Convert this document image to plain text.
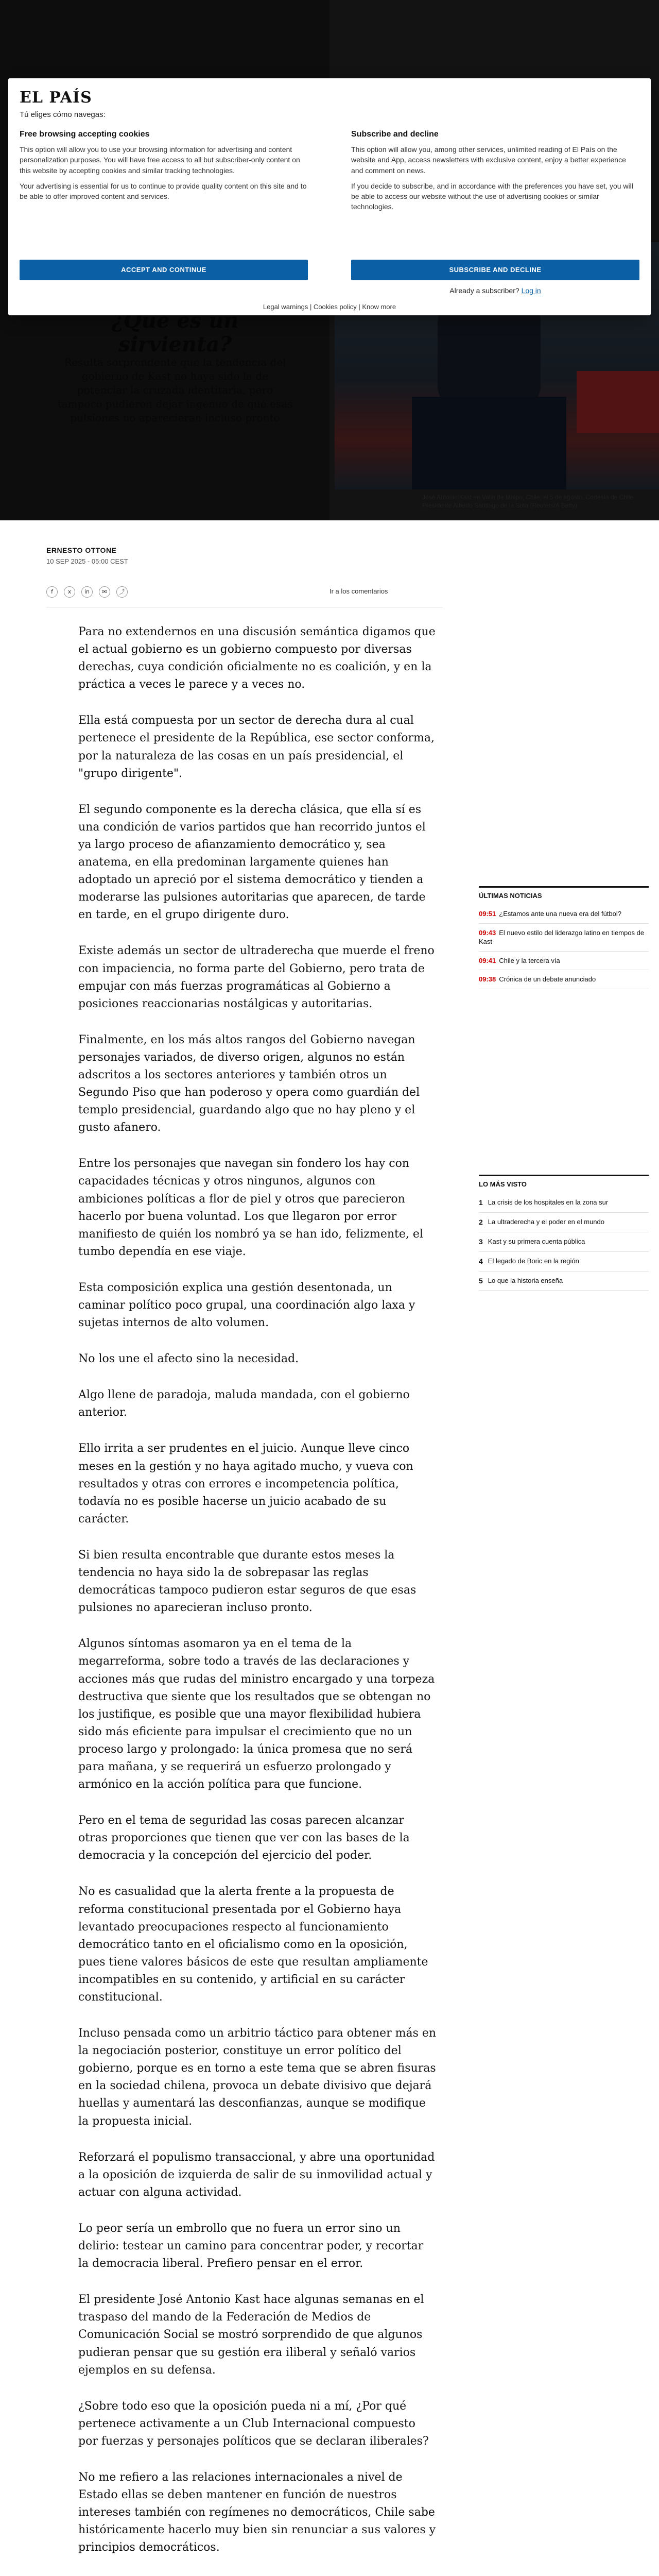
EL PAÍS
Tú eliges cómo navegas:
Free browsing accepting cookies

This option will allow you to use your browsing information for advertising and content personalization purposes. You will have free access to all but subscriber-only content on this website by accepting cookies and similar tracking technologies.

Your advertising is essential for us to continue to provide quality content on this site and to be able to offer improved content and services.

Subscribe and decline

This option will allow you, among other services, unlimited reading of El País on the website and App, access newsletters with exclusive content, enjoy a better experience and comment on news.

If you decide to subscribe, and in accordance with the preferences you have set, you will be able to access our website without the use of advertising cookies or similar technologies.

ACCEPT AND CONTINUE	SUBSCRIBE AND DECLINE
Already a subscriber? Log in
Legal warnings | Cookies policy | Know more
ERNESTO OTTONE
10 SEP 2025 - 05:00 CEST
f	x	in	✉	⤴	Ir a los comentarios

Para no extendernos en una discusión semántica digamos que el actual gobierno es un gobierno compuesto por diversas derechas, cuya condición oficialmente no es coalición, y en la práctica a veces le parece y a veces no.

Ella está compuesta por un sector de derecha dura al cual pertenece el presidente de la República, ese sector conforma, por la naturaleza de las cosas en un país presidencial, el "grupo dirigente".

El segundo componente es la derecha clásica, que ella sí es una condición de varios partidos que han recorrido juntos el ya largo proceso de afianzamiento democrático y, sea anatema, en ella predominan largamente quienes han adoptado un apreció por el sistema democrático y tienden a moderarse las pulsiones autoritarias que aparecen, de tarde en tarde, en el grupo dirigente duro.

Existe además un sector de ultraderecha que muerde el freno con impaciencia, no forma parte del Gobierno, pero trata de empujar con más fuerzas programáticas al Gobierno a posiciones reaccionarias nostálgicas y autoritarias.

Finalmente, en los más altos rangos del Gobierno navegan personajes variados, de diverso origen, algunos no están adscritos a los sectores anteriores y también otros un Segundo Piso que han poderoso y opera como guardián del templo presidencial, guardando algo que no hay pleno y el gusto afanero.

Entre los personajes que navegan sin fondero los hay con capacidades técnicas y otros ningunos, algunos con ambiciones políticas a flor de piel y otros que parecieron hacerlo por buena voluntad. Los que llegaron por error manifiesto de quién los nombró ya se han ido, felizmente, el tumbo dependía en ese viaje.

Esta composición explica una gestión desentonada, un caminar político poco grupal, una coordinación algo laxa y sujetas internos de alto volumen.

No los une el afecto sino la necesidad.

Algo llene de paradoja, maluda mandada, con el gobierno anterior.

Ello irrita a ser prudentes en el juicio. Aunque lleve cinco meses en la gestión y no haya agitado mucho, y vueva con resultados y otras con errores e incompetencia política, todavía no es posible hacerse un juicio acabado de su carácter.

Si bien resulta encontrable que durante estos meses la tendencia no haya sido la de sobrepasar las reglas democráticas tampoco pudieron estar seguros de que esas pulsiones no aparecieran incluso pronto.

Algunos síntomas asomaron ya en el tema de la megarreforma, sobre todo a través de las declaraciones y acciones más que rudas del ministro encargado y una torpeza destructiva que siente que los resultados que se obtengan no los justifique, es posible que una mayor flexibilidad hubiera sido más eficiente para impulsar el crecimiento que no un proceso largo y prolongado: la única promesa que no será para mañana, y se requerirá un esfuerzo prolongado y armónico en la acción política para que funcione.

Pero en el tema de seguridad las cosas parecen alcanzar otras proporciones que tienen que ver con las bases de la democracia y la concepción del ejercicio del poder.

No es casualidad que la alerta frente a la propuesta de reforma constitucional presentada por el Gobierno haya levantado preocupaciones respecto al funcionamiento democrático tanto en el oficialismo como en la oposición, pues tiene valores básicos de este que resultan ampliamente incompatibles en su contenido, y artificial en su carácter constitucional.

Incluso pensada como un arbitrio táctico para obtener más en la negociación posterior, constituye un error político del gobierno, porque es en torno a este tema que se abren fisuras en la sociedad chilena, provoca un debate divisivo que dejará huellas y aumentará las desconfianzas, aunque se modifique la propuesta inicial.

Reforzará el populismo transaccional, y abre una oportunidad a la oposición de izquierda de salir de su inmovilidad actual y actuar con alguna actividad.

Lo peor sería un embrollo que no fuera un error sino un delirio: testear un camino para concentrar poder, y recortar la democracia liberal. Prefiero pensar en el error.

El presidente José Antonio Kast hace algunas semanas en el traspaso del mando de la Federación de Medios de Comunicación Social se mostró sorprendido de que algunos pudieran pensar que su gestión era iliberal y señaló varios ejemplos en su defensa.

¿Sobre todo eso que la oposición pueda ni a mí, ¿Por qué pertenece activamente a un Club Internacional compuesto por fuerzas y personajes políticos que se declaran iliberales?

No me refiero a las relaciones internacionales a nivel de Estado ellas se deben mantener en función de nuestros intereses también con regímenes no democráticos, Chile sabe históricamente hacerlo muy bien sin renunciar a sus valores y principios democráticos.

ÚLTIMAS NOTICIAS
09:51 ¿Estamos ante una nueva era del fútbol?
09:43 El nuevo estilo del liderazgo latino en tiempos de Kast
09:41 Chile y la tercera vía
09:38 Crónica de un debate anunciado
LO MÁS VISTO
1 La crisis de los hospitales en la zona sur
2 La ultraderecha y el poder en el mundo
3 Kast y su primera cuenta pública
4 El legado de Boric en la región
5 Lo que la historia enseña
